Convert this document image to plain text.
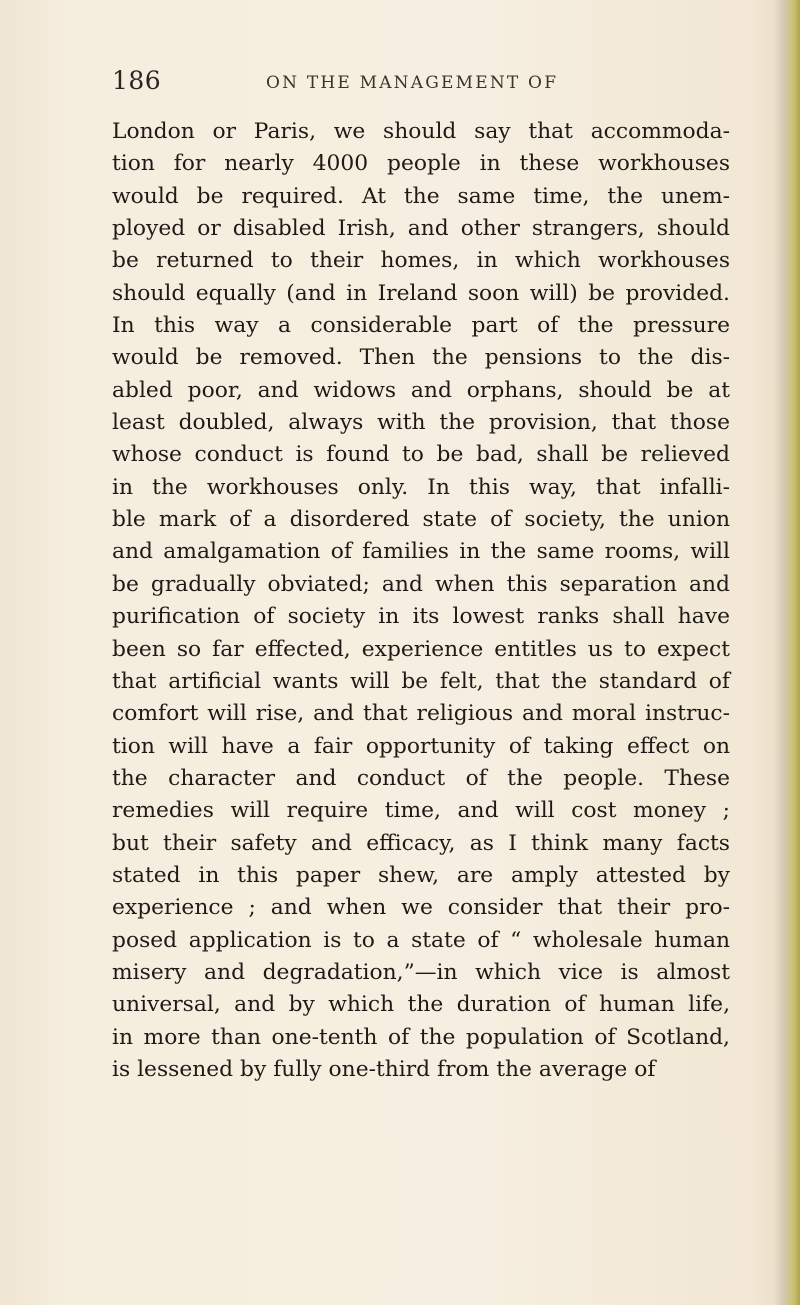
186	ON THE MANAGEMENT OF
London or Paris, we should say that accommoda-
tion for nearly 4000 people in these workhouses
would be required. At the same time, the unem-
ployed or disabled Irish, and other strangers, should
be returned to their homes, in which workhouses
should equally (and in Ireland soon will) be provided.
In this way a considerable part of the pressure
would be removed. Then the pensions to the dis-
abled poor, and widows and orphans, should be at
least doubled, always with the provision, that those
whose conduct is found to be bad, shall be relieved
in the workhouses only. In this way, that infalli-
ble mark of a disordered state of society, the union
and amalgamation of families in the same rooms, will
be gradually obviated; and when this separation and
purification of society in its lowest ranks shall have
been so far effected, experience entitles us to expect
that artificial wants will be felt, that the standard of
comfort will rise, and that religious and moral instruc-
tion will have a fair opportunity of taking effect on
the character and conduct of the people. These
remedies will require time, and will cost money ;
but their safety and efficacy, as I think many facts
stated in this paper shew, are amply attested by
experience ; and when we consider that their pro-
posed application is to a state of “ wholesale human
misery and degradation,”—in which vice is almost
universal, and by which the duration of human life,
in more than one-tenth of the population of Scotland,
is lessened by fully one-third from the average of
